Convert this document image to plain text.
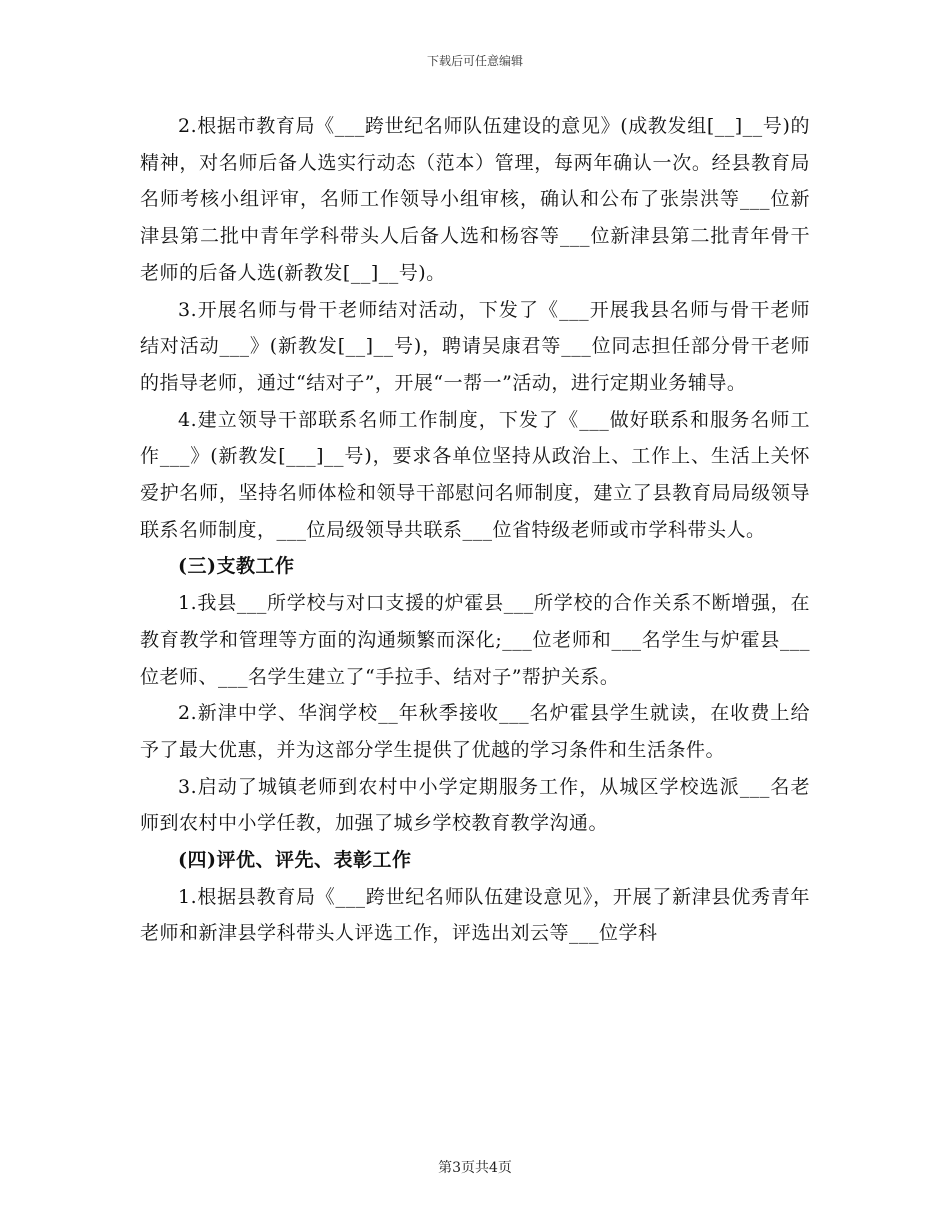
下载后可任意编辑

2.根据市教育局《___跨世纪名师队伍建设的意见》(成教发组[__]__号)的精神，对名师后备人选实行动态（范本）管理，每两年确认一次。经县教育局名师考核小组评审，名师工作领导小组审核，确认和公布了张崇洪等___位新津县第二批中青年学科带头人后备人选和杨容等___位新津县第二批青年骨干老师的后备人选(新教发[__]__号)。

3.开展名师与骨干老师结对活动，下发了《___开展我县名师与骨干老师结对活动___》(新教发[__]__号)，聘请吴康君等___位同志担任部分骨干老师的指导老师，通过“结对子”，开展“一帮一”活动，进行定期业务辅导。

4.建立领导干部联系名师工作制度，下发了《___做好联系和服务名师工作___》(新教发[___]__号)，要求各单位坚持从政治上、工作上、生活上关怀爱护名师，坚持名师体检和领导干部慰问名师制度，建立了县教育局局级领导联系名师制度，___位局级领导共联系___位省特级老师或市学科带头人。

(三)支教工作

1.我县___所学校与对口支援的炉霍县___所学校的合作关系不断增强，在教育教学和管理等方面的沟通频繁而深化;___位老师和___名学生与炉霍县___位老师、___名学生建立了“手拉手、结对子”帮护关系。

2.新津中学、华润学校__年秋季接收___名炉霍县学生就读，在收费上给予了最大优惠，并为这部分学生提供了优越的学习条件和生活条件。

3.启动了城镇老师到农村中小学定期服务工作，从城区学校选派___名老师到农村中小学任教，加强了城乡学校教育教学沟通。

(四)评优、评先、表彰工作

1.根据县教育局《___跨世纪名师队伍建设意见》，开展了新津县优秀青年老师和新津县学科带头人评选工作，评选出刘云等___位学科

第3页共4页
